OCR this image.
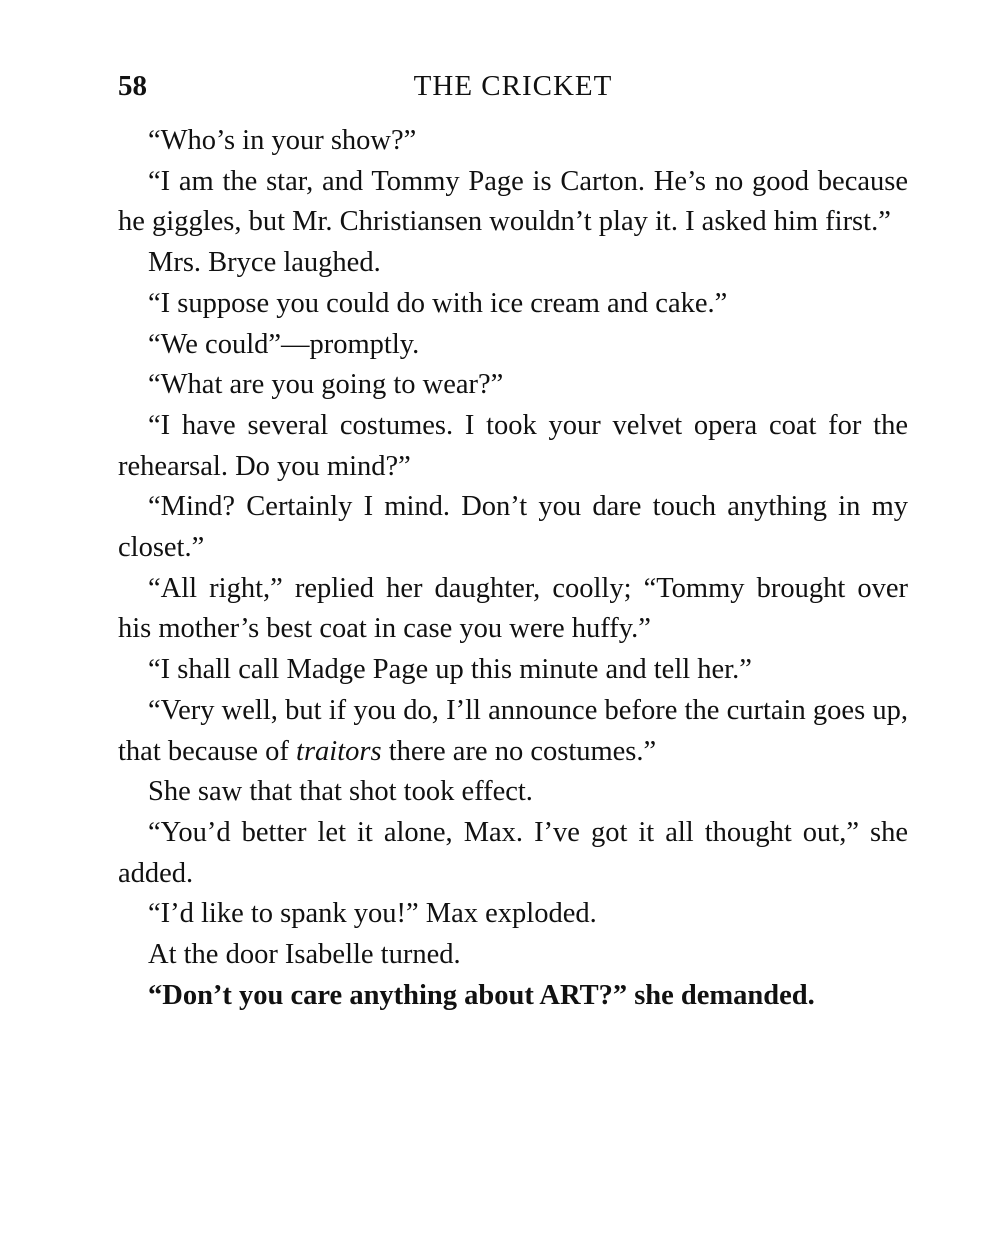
58	THE CRICKET

“Who’s in your show?”

“I am the star, and Tommy Page is Carton. He’s no good because he giggles, but Mr. Christiansen wouldn’t play it. I asked him first.”

Mrs. Bryce laughed.

“I suppose you could do with ice cream and cake.”

“We could”—promptly.

“What are you going to wear?”

“I have several costumes. I took your velvet opera coat for the rehearsal. Do you mind?”

“Mind? Certainly I mind. Don’t you dare touch anything in my closet.”

“All right,” replied her daughter, coolly; “Tommy brought over his mother’s best coat in case you were huffy.”

“I shall call Madge Page up this minute and tell her.”

“Very well, but if you do, I’ll announce before the curtain goes up, that because of traitors there are no costumes.”

She saw that that shot took effect.

“You’d better let it alone, Max. I’ve got it all thought out,” she added.

“I’d like to spank you!” Max exploded.

At the door Isabelle turned.

“Don’t you care anything about ART?” she demanded.
